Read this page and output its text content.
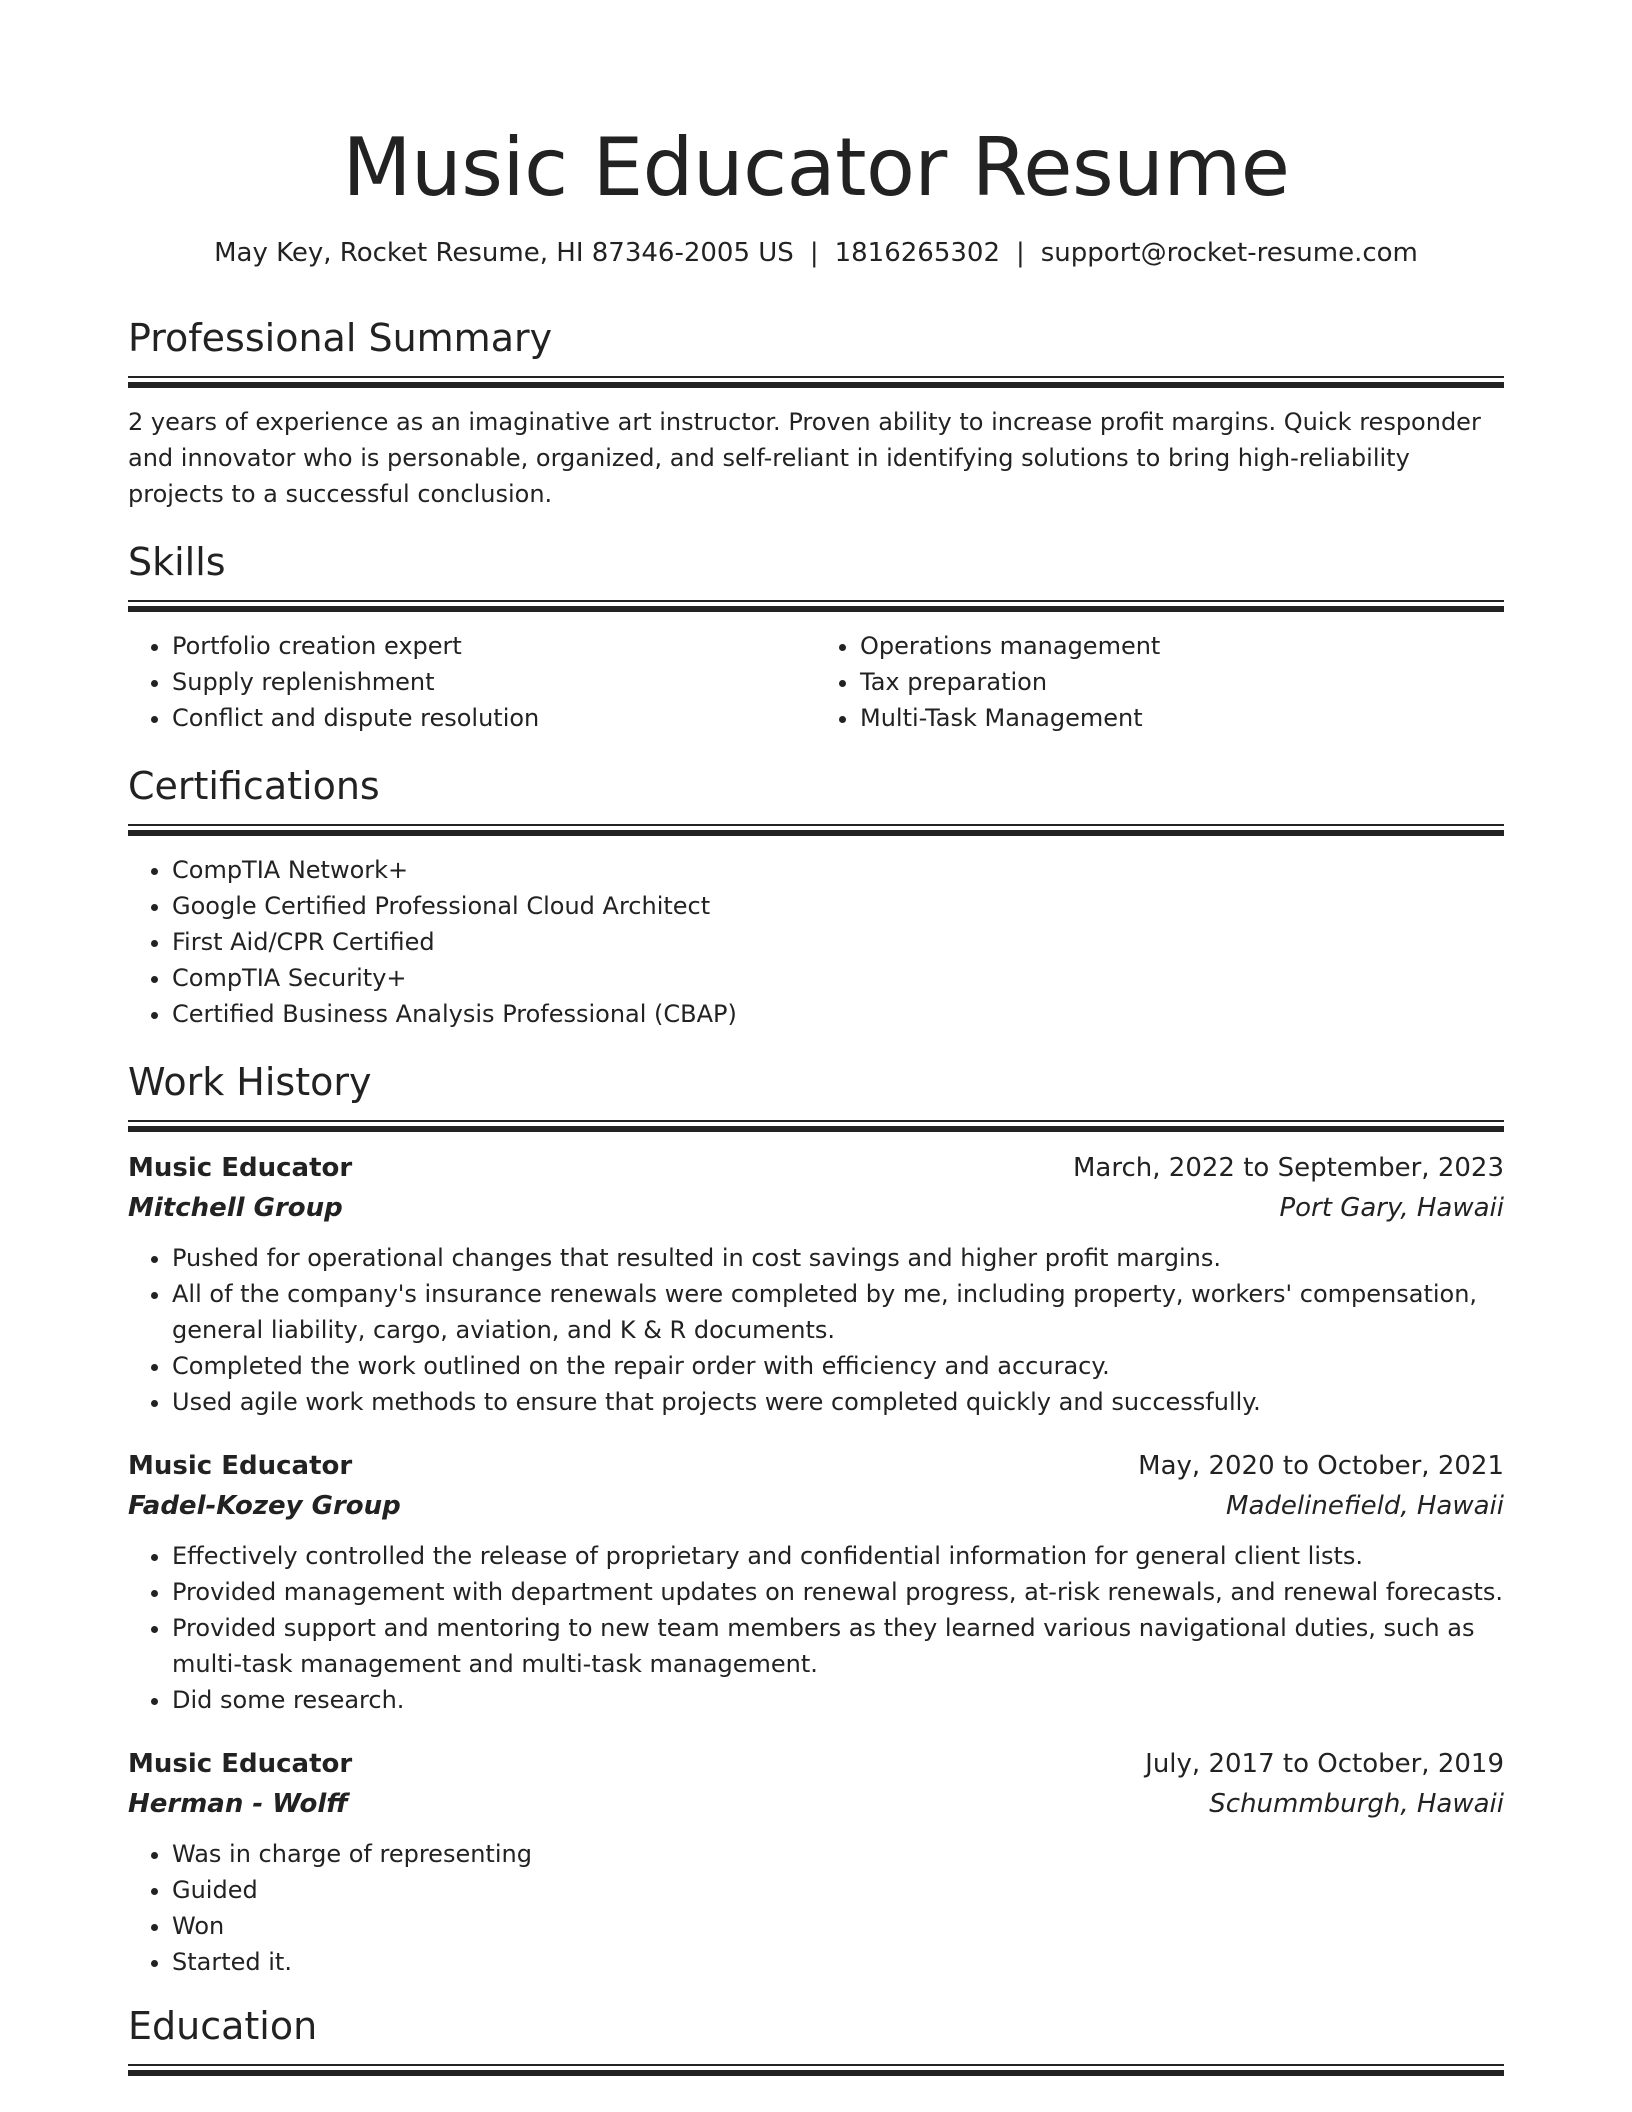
Music Educator Resume
May Key, Rocket Resume, HI 87346-2005 US | 1816265302 | support@rocket-resume.com
Professional Summary

2 years of experience as an imaginative art instructor. Proven ability to increase profit margins. Quick responder and innovator who is personable, organized, and self-reliant in identifying solutions to bring high-reliability projects to a successful conclusion.

Skills
• Portfolio creation expert
• Supply replenishment
• Conflict and dispute resolution
• Operations management
• Tax preparation
• Multi-Task Management
Certifications
• CompTIA Network+
• Google Certified Professional Cloud Architect
• First Aid/CPR Certified
• CompTIA Security+
• Certified Business Analysis Professional (CBAP)
Work History
Music Educator	March, 2022 to September, 2023
Mitchell Group	Port Gary, Hawaii
• Pushed for operational changes that resulted in cost savings and higher profit margins.
• All of the company's insurance renewals were completed by me, including property, workers' compensation, general liability, cargo, aviation, and K & R documents.
• Completed the work outlined on the repair order with efficiency and accuracy.
• Used agile work methods to ensure that projects were completed quickly and successfully.
Music Educator	May, 2020 to October, 2021
Fadel-Kozey Group	Madelinefield, Hawaii
• Effectively controlled the release of proprietary and confidential information for general client lists.
• Provided management with department updates on renewal progress, at-risk renewals, and renewal forecasts.
• Provided support and mentoring to new team members as they learned various navigational duties, such as multi-task management and multi-task management.
• Did some research.
Music Educator	July, 2017 to October, 2019
Herman - Wolff	Schummburgh, Hawaii
• Was in charge of representing
• Guided
• Won
• Started it.
Education
